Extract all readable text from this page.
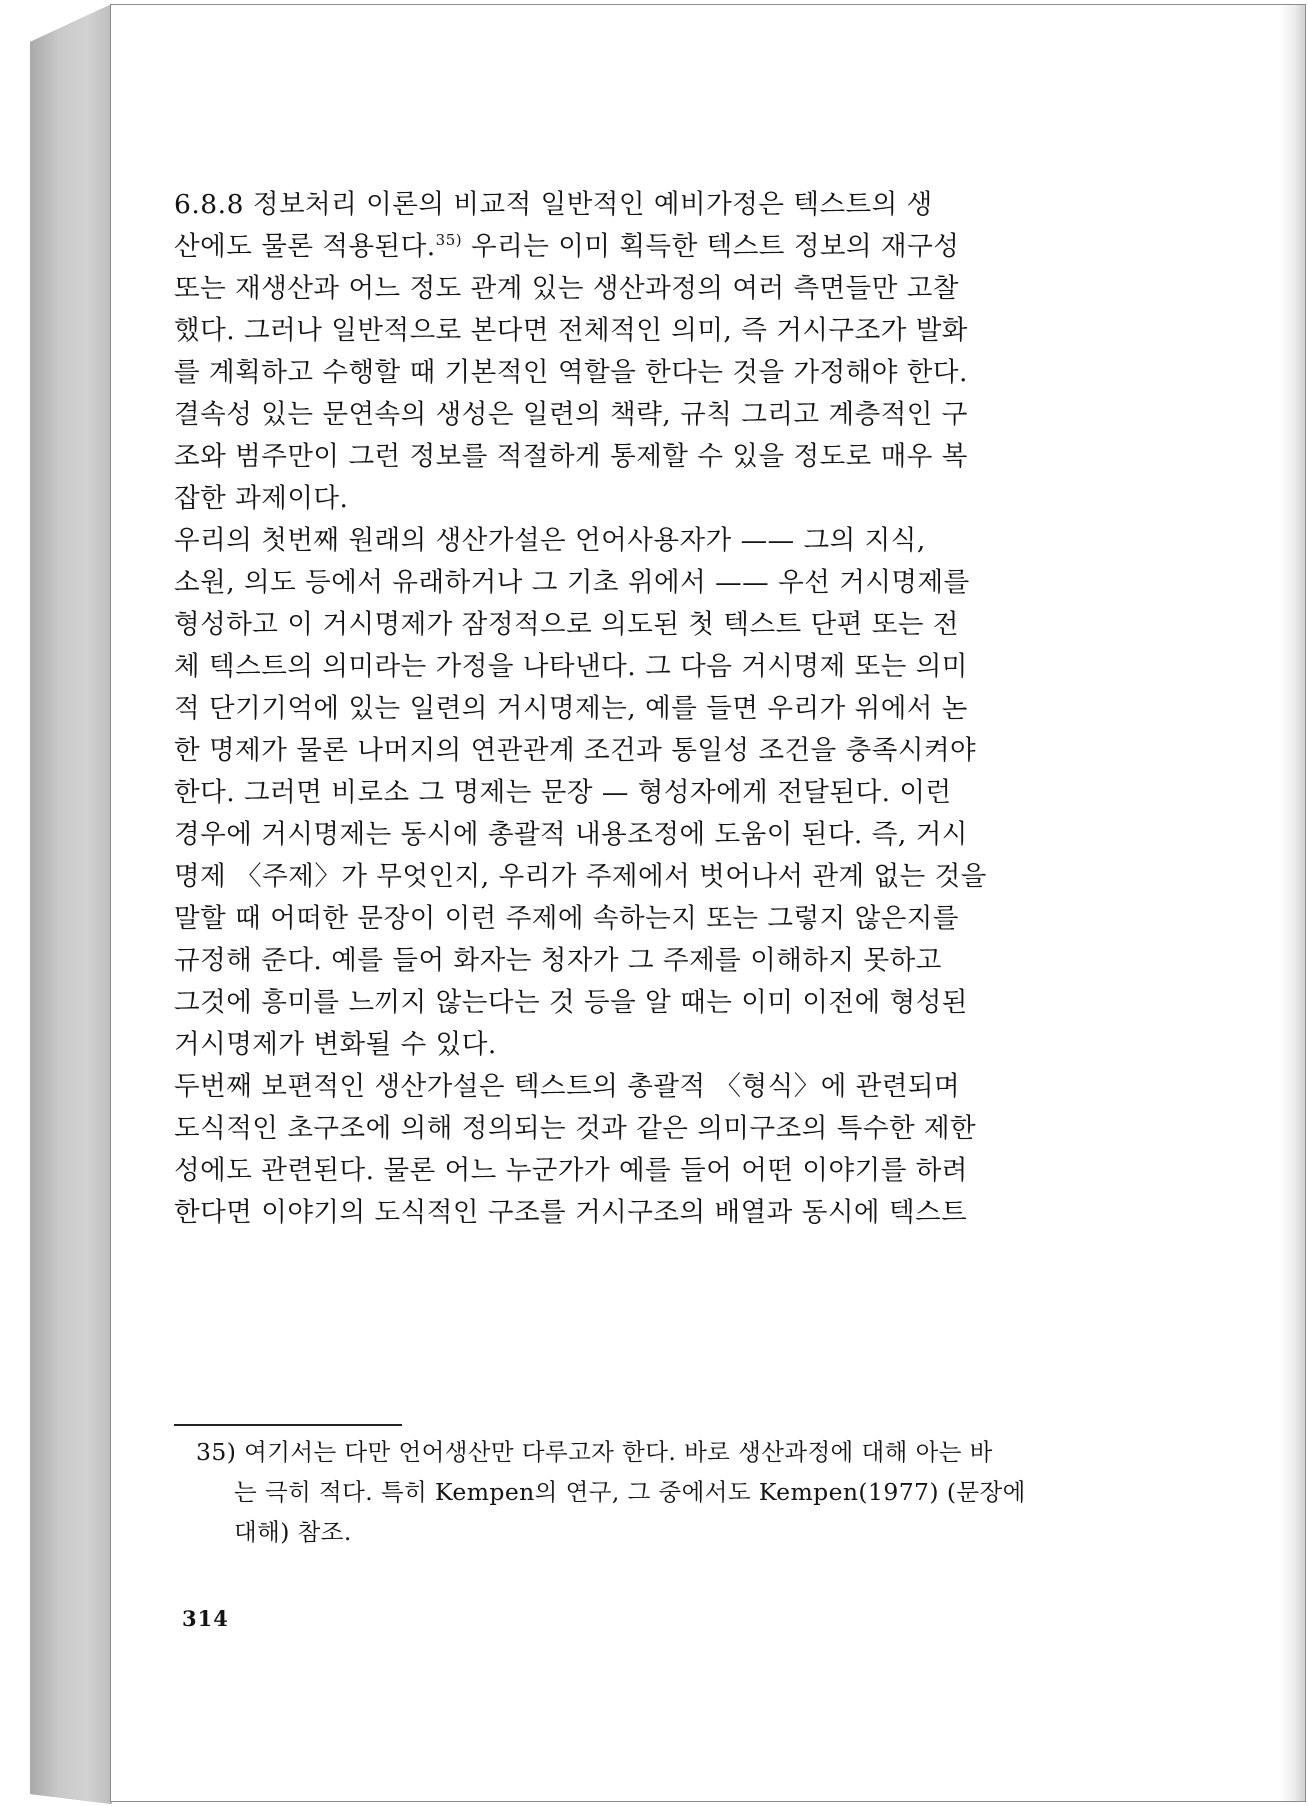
6.8.8 정보처리 이론의 비교적 일반적인 예비가정은 텍스트의 생
산에도 물론 적용된다.$^{35)}$ 우리는 이미 획득한 텍스트 정보의 재구성
또는 재생산과 어느 정도 관계 있는 생산과정의 여러 측면들만 고찰
했다. 그러나 일반적으로 본다면 전체적인 의미, 즉 거시구조가 발화
를 계획하고 수행할 때 기본적인 역할을 한다는 것을 가정해야 한다.
결속성 있는 문연속의 생성은 일련의 책략, 규칙 그리고 계층적인 구
조와 범주만이 그런 정보를 적절하게 통제할 수 있을 정도로 매우 복
잡한 과제이다.
우리의 첫번째 원래의 생산가설은 언어사용자가 —— 그의 지식,
소원, 의도 등에서 유래하거나 그 기초 위에서 —— 우선 거시명제를
형성하고 이 거시명제가 잠정적으로 의도된 첫 텍스트 단편 또는 전
체 텍스트의 의미라는 가정을 나타낸다. 그 다음 거시명제 또는 의미
적 단기기억에 있는 일련의 거시명제는, 예를 들면 우리가 위에서 논
한 명제가 물론 나머지의 연관관계 조건과 통일성 조건을 충족시켜야
한다. 그러면 비로소 그 명제는 문장 — 형성자에게 전달된다. 이런
경우에 거시명제는 동시에 총괄적 내용조정에 도움이 된다. 즉, 거시
명제 〈주제〉가 무엇인지, 우리가 주제에서 벗어나서 관계 없는 것을
말할 때 어떠한 문장이 이런 주제에 속하는지 또는 그렇지 않은지를
규정해 준다. 예를 들어 화자는 청자가 그 주제를 이해하지 못하고
그것에 흥미를 느끼지 않는다는 것 등을 알 때는 이미 이전에 형성된
거시명제가 변화될 수 있다.
두번째 보편적인 생산가설은 텍스트의 총괄적 〈형식〉에 관련되며
도식적인 초구조에 의해 정의되는 것과 같은 의미구조의 특수한 제한
성에도 관련된다. 물론 어느 누군가가 예를 들어 어떤 이야기를 하려
한다면 이야기의 도식적인 구조를 거시구조의 배열과 동시에 텍스트
35) 여기서는 다만 언어생산만 다루고자 한다. 바로 생산과정에 대해 아는 바
는 극히 적다. 특히 Kempen의 연구, 그 중에서도 Kempen(1977) (문장에
대해) 참조.
314
